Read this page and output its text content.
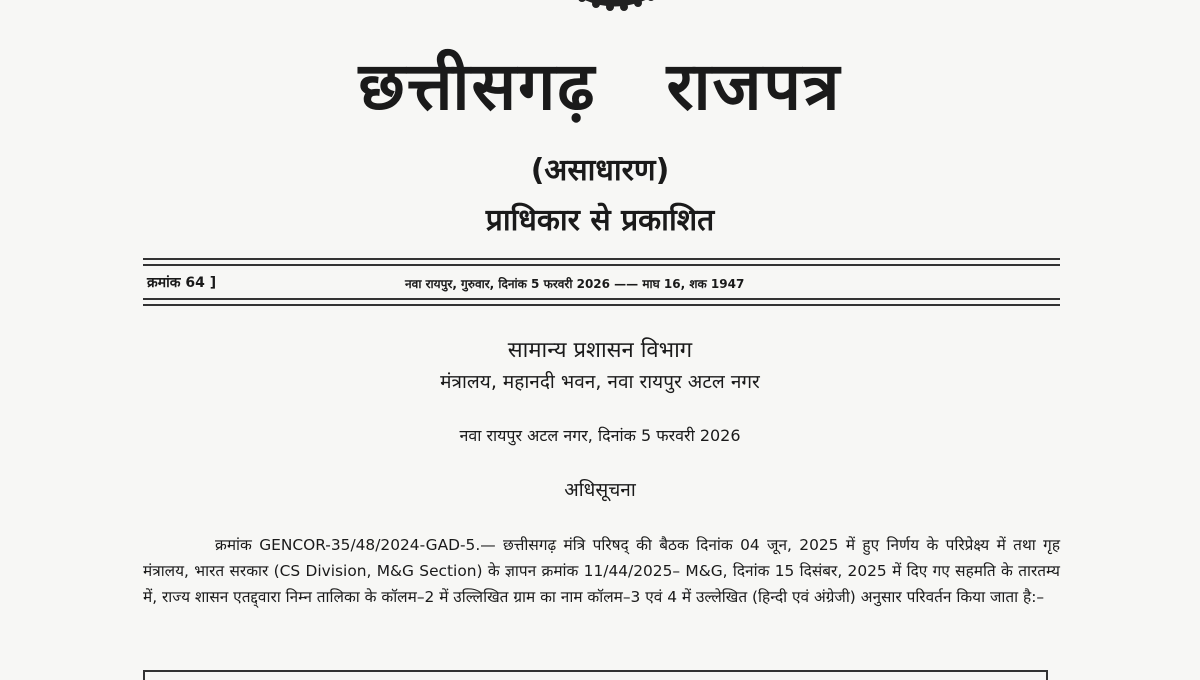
छत्तीसगढ़ राजपत्र
(असाधारण)
प्राधिकार से प्रकाशित
क्रमांक 64 ]	नवा रायपुर, गुरुवार, दिनांक 5 फरवरी 2026 —— माघ 16, शक 1947
सामान्य प्रशासन विभाग
मंत्रालय, महानदी भवन, नवा रायपुर अटल नगर
नवा रायपुर अटल नगर, दिनांक 5 फरवरी 2026
अधिसूचना
क्रमांक GENCOR-35/48/2024-GAD-5.— छत्तीसगढ़ मंत्रि परिषद् की बैठक दिनांक 04 जून, 2025 में हुए निर्णय के परिप्रेक्ष्य में तथा गृह मंत्रालय, भारत सरकार (CS Division, M&G Section) के ज्ञापन क्रमांक 11/44/2025– M&G, दिनांक 15 दिसंबर, 2025 में दिए गए सहमति के तारतम्य में, राज्य शासन एतद्द्वारा निम्न तालिका के कॉलम–2 में उल्लिखित ग्राम का नाम कॉलम–3 एवं 4 में उल्लेखित (हिन्दी एवं अंग्रेजी) अनुसार परिवर्तन किया जाता है:–
